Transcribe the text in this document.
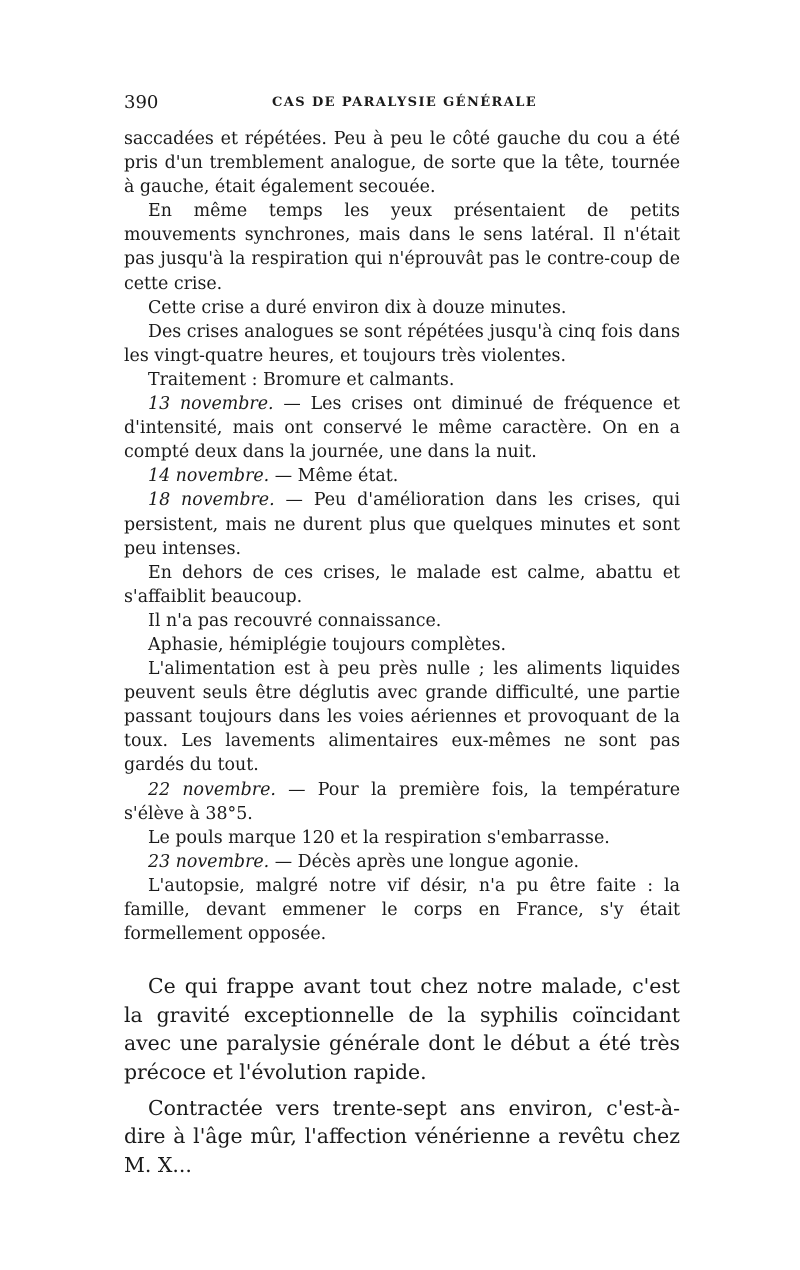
390	CAS DE PARALYSIE GÉNÉRALE

saccadées et répétées. Peu à peu le côté gauche du cou a été pris d'un tremblement analogue, de sorte que la tête, tournée à gauche, était également secouée.

En même temps les yeux présentaient de petits mouvements synchrones, mais dans le sens latéral. Il n'était pas jusqu'à la respiration qui n'éprouvât pas le contre-coup de cette crise.

Cette crise a duré environ dix à douze minutes.

Des crises analogues se sont répétées jusqu'à cinq fois dans les vingt-quatre heures, et toujours très violentes.

Traitement : Bromure et calmants.

13 novembre. — Les crises ont diminué de fréquence et d'intensité, mais ont conservé le même caractère. On en a compté deux dans la journée, une dans la nuit.

14 novembre. — Même état.

18 novembre. — Peu d'amélioration dans les crises, qui persistent, mais ne durent plus que quelques minutes et sont peu intenses.

En dehors de ces crises, le malade est calme, abattu et s'affaiblit beaucoup.

Il n'a pas recouvré connaissance.

Aphasie, hémiplégie toujours complètes.

L'alimentation est à peu près nulle ; les aliments liquides peuvent seuls être déglutis avec grande difficulté, une partie passant toujours dans les voies aériennes et provoquant de la toux. Les lavements alimentaires eux-mêmes ne sont pas gardés du tout.

22 novembre. — Pour la première fois, la température s'élève à 38°5.

Le pouls marque 120 et la respiration s'embarrasse.

23 novembre. — Décès après une longue agonie.

L'autopsie, malgré notre vif désir, n'a pu être faite : la famille, devant emmener le corps en France, s'y était formellement opposée.

Ce qui frappe avant tout chez notre malade, c'est la gravité exceptionnelle de la syphilis coïncidant avec une paralysie générale dont le début a été très précoce et l'évolution rapide.

Contractée vers trente-sept ans environ, c'est-à-dire à l'âge mûr, l'affection vénérienne a revêtu chez M. X...
